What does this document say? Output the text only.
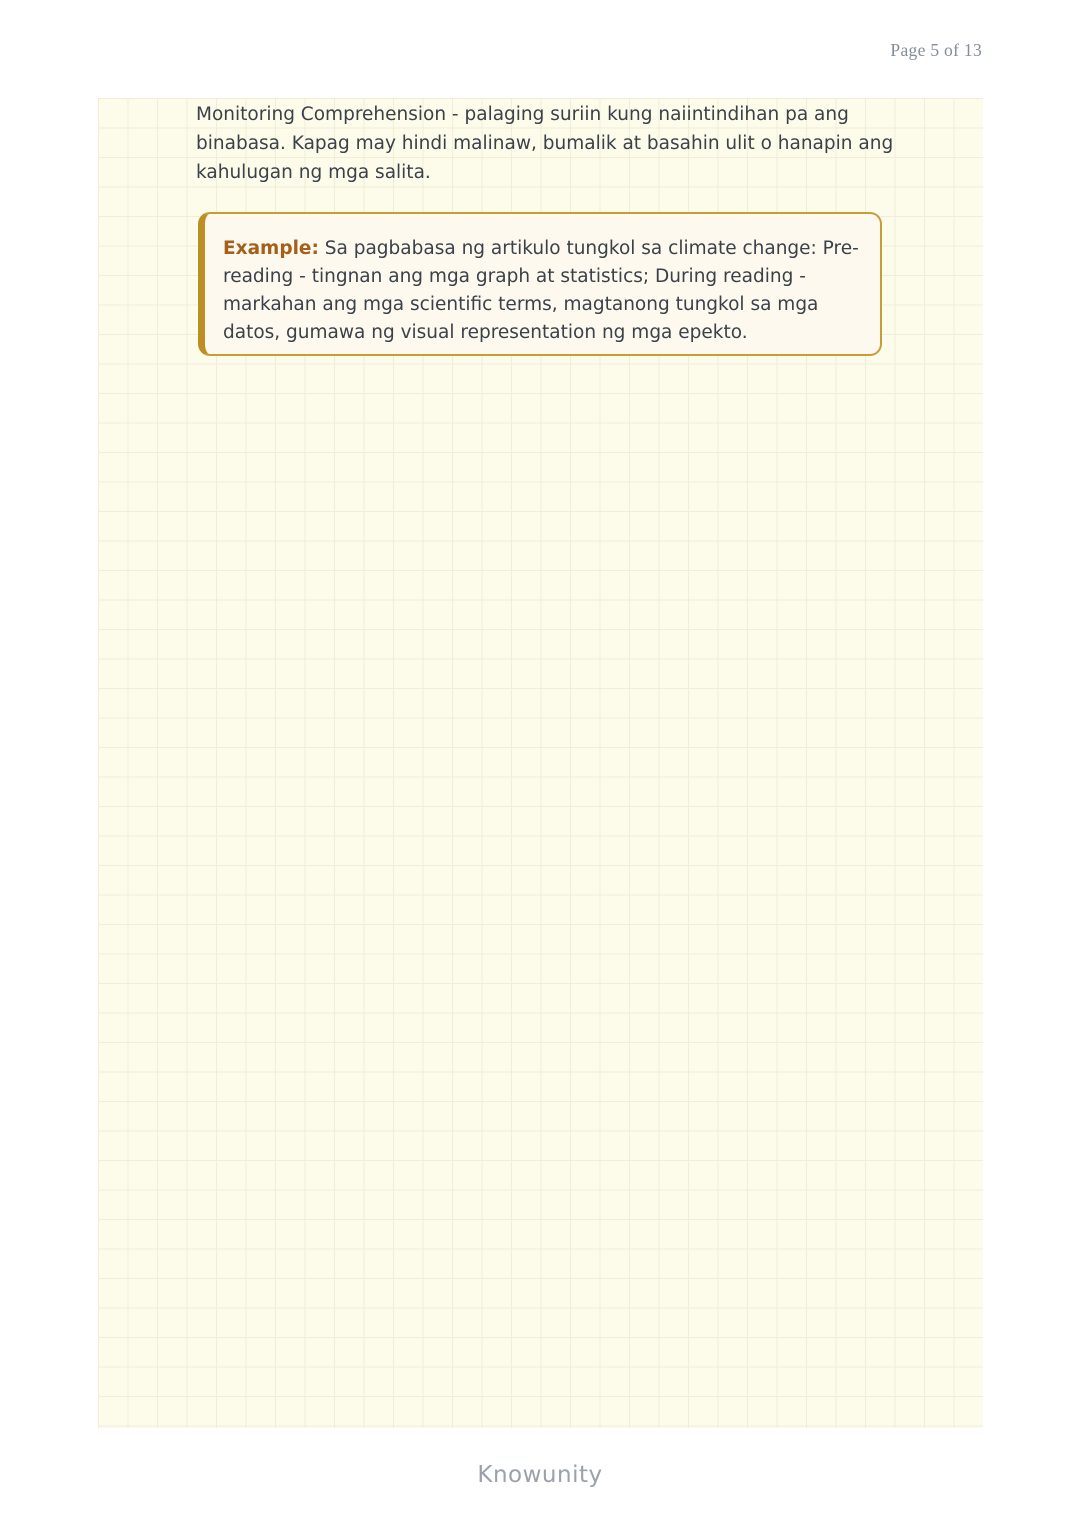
Page 5 of 13
Monitoring Comprehension - palaging suriin kung naiintindihan pa ang
binabasa. Kapag may hindi malinaw, bumalik at basahin ulit o hanapin ang
kahulugan ng mga salita.
Example: Sa pagbabasa ng artikulo tungkol sa climate change: Pre-
reading - tingnan ang mga graph at statistics; During reading -
markahan ang mga scientific terms, magtanong tungkol sa mga
datos, gumawa ng visual representation ng mga epekto.
Knowunity
